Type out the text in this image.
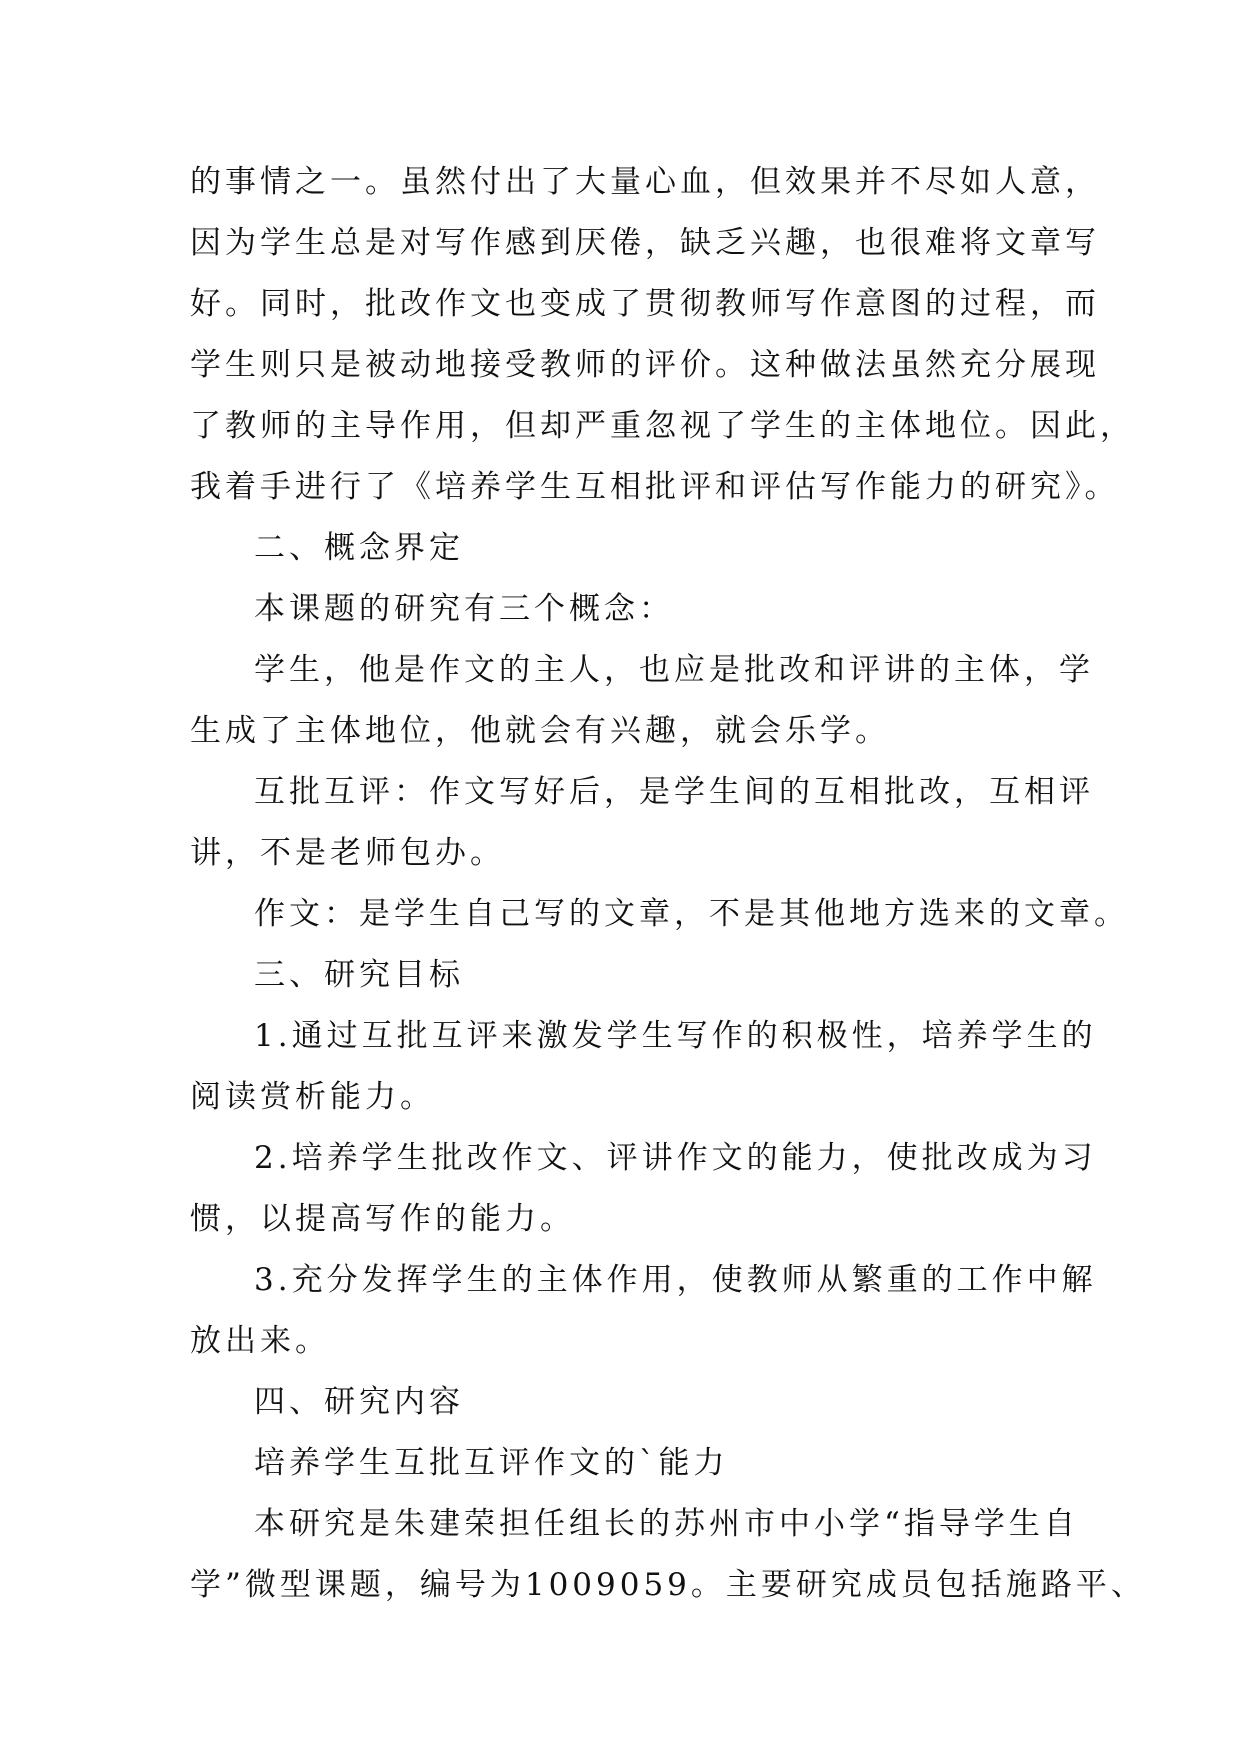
的事情之一。虽然付出了大量心血，但效果并不尽如人意，
因为学生总是对写作感到厌倦，缺乏兴趣，也很难将文章写
好。同时，批改作文也变成了贯彻教师写作意图的过程，而
学生则只是被动地接受教师的评价。这种做法虽然充分展现
了教师的主导作用，但却严重忽视了学生的主体地位。因此，
我着手进行了《培养学生互相批评和评估写作能力的研究》。
二、概念界定
本课题的研究有三个概念：
学生，他是作文的主人，也应是批改和评讲的主体，学
生成了主体地位，他就会有兴趣，就会乐学。
互批互评：作文写好后，是学生间的互相批改，互相评
讲，不是老师包办。
作文：是学生自己写的文章，不是其他地方选来的文章。
三、研究目标
1.通过互批互评来激发学生写作的积极性，培养学生的
阅读赏析能力。
2.培养学生批改作文、评讲作文的能力，使批改成为习
惯，以提高写作的能力。
3.充分发挥学生的主体作用，使教师从繁重的工作中解
放出来。
四、研究内容
培养学生互批互评作文的`能力
本研究是朱建荣担任组长的苏州市中小学“指导学生自
学”微型课题，编号为1009059。主要研究成员包括施路平、
